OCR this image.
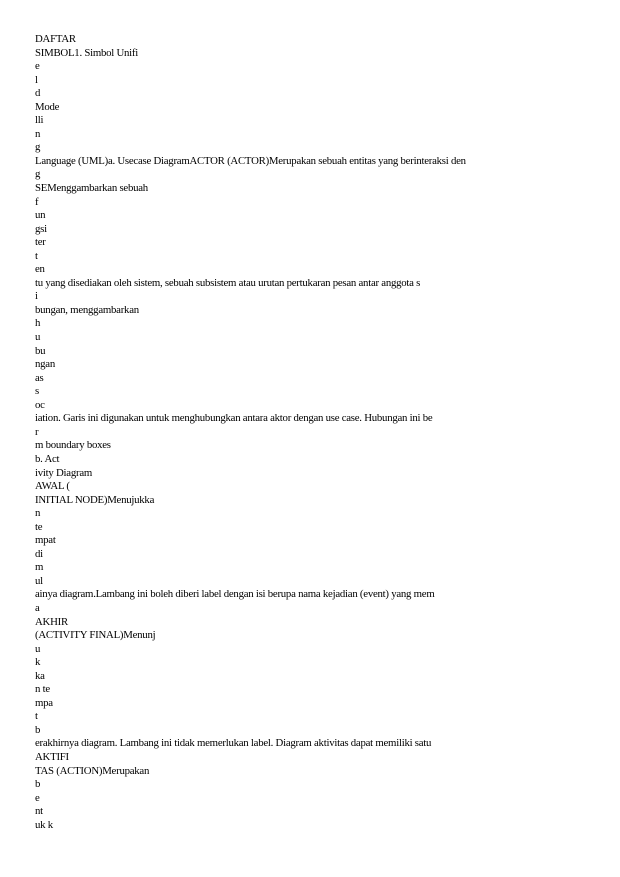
DAFTAR
SIMBOL1. Simbol Unifi
e
l
d
Mode
lli
n
g
Language (UML)a. Usecase DiagramACTOR (ACTOR)Merupakan sebuah entitas yang berinteraksi den
g
SEMenggambarkan sebuah
f
un
gsi
ter
t
en
tu yang disediakan oleh sistem, sebuah subsistem atau urutan pertukaran pesan antar anggota s
i
bungan, menggambarkan
h
u
bu
ngan
as
s
oc
iation. Garis ini digunakan untuk menghubungkan antara aktor dengan use case. Hubungan ini be
r
m boundary boxes
b. Act
ivity Diagram
AWAL (
INITIAL NODE)Menujukka
n
te
mpat
di
m
ul
ainya diagram.Lambang ini boleh diberi label dengan isi berupa nama kejadian (event) yang mem
a
AKHIR
(ACTIVITY FINAL)Menunj
u
k
ka
n te
mpa
t
b
erakhirnya diagram. Lambang ini tidak memerlukan label. Diagram aktivitas dapat memiliki satu
AKTIFI
TAS (ACTION)Merupakan
b
e
nt
uk k
